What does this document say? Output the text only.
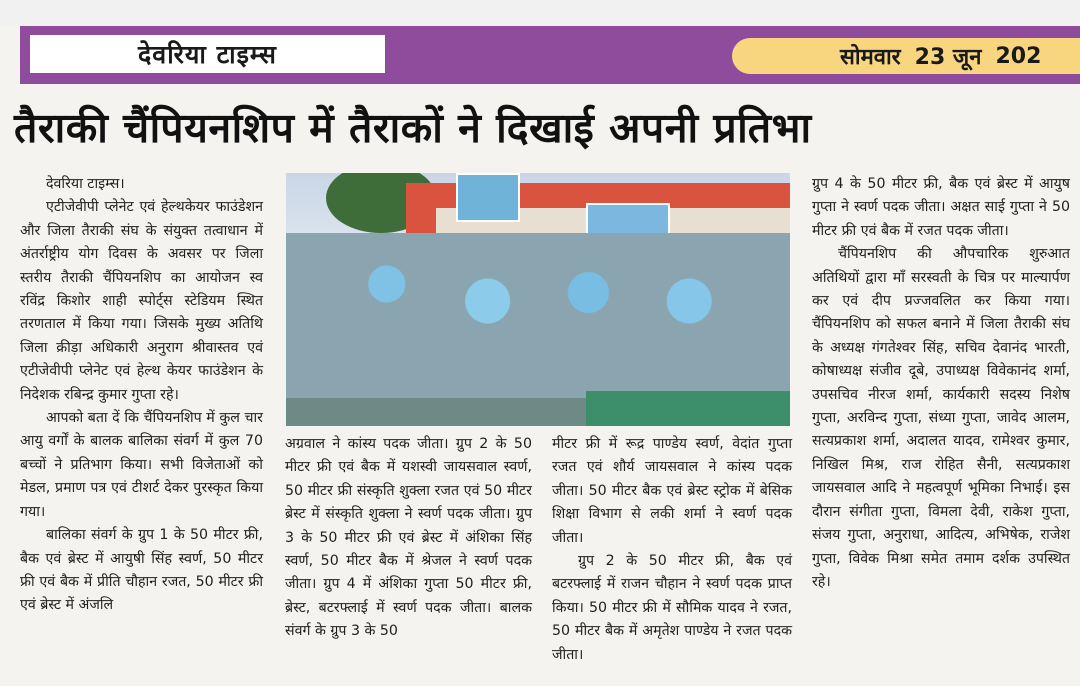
देवरिया टाइम्स	सोमवार 23 जून 202
तैराकी चैंपियनशिप में तैराकों ने दिखाई अपनी प्रतिभा

देवरिया टाइम्स।

एटीजेवीपी प्लेनेट एवं हेल्थकेयर फाउंडेशन और जिला तैराकी संघ के संयुक्त तत्वाधान में अंतर्राष्ट्रीय योग दिवस के अवसर पर जिला स्तरीय तैराकी चैंपियनशिप का आयोजन स्व रविंद्र किशोर शाही स्पोर्ट्स स्टेडियम स्थित तरणताल में किया गया। जिसके मुख्य अतिथि जिला क्रीड़ा अधिकारी अनुराग श्रीवास्तव एवं एटीजेवीपी प्लेनेट एवं हेल्थ केयर फाउंडेशन के निदेशक रबिन्द्र कुमार गुप्ता रहे।

आपको बता दें कि चैंपियनशिप में कुल चार आयु वर्गों के बालक बालिका संवर्ग में कुल 70 बच्चों ने प्रतिभाग किया। सभी विजेताओं को मेडल, प्रमाण पत्र एवं टीशर्ट देकर पुरस्कृत किया गया।

बालिका संवर्ग के ग्रुप 1 के 50 मीटर फ्री, बैक एवं ब्रेस्ट में आयुषी सिंह स्वर्ण, 50 मीटर फ्री एवं बैक में प्रीति चौहान रजत, 50 मीटर फ्री एवं ब्रेस्ट में अंजलि

अग्रवाल ने कांस्य पदक जीता। ग्रुप 2 के 50 मीटर फ्री एवं बैक में यशस्वी जायसवाल स्वर्ण, 50 मीटर फ्री संस्कृति शुक्ला रजत एवं 50 मीटर ब्रेस्ट में संस्कृति शुक्ला ने स्वर्ण पदक जीता। ग्रुप 3 के 50 मीटर फ्री एवं ब्रेस्ट में अंशिका सिंह स्वर्ण, 50 मीटर बैक में श्रेजल ने स्वर्ण पदक जीता। ग्रुप 4 में अंशिका गुप्ता 50 मीटर फ्री, ब्रेस्ट, बटरफ्लाई में स्वर्ण पदक जीता। बालक संवर्ग के ग्रुप 3 के 50

मीटर फ्री में रूद्र पाण्डेय स्वर्ण, वेदांत गुप्ता रजत एवं शौर्य जायसवाल ने कांस्य पदक जीता। 50 मीटर बैक एवं ब्रेस्ट स्ट्रोक में बेसिक शिक्षा विभाग से लकी शर्मा ने स्वर्ण पदक जीता।

ग्रुप 2 के 50 मीटर फ्री, बैक एवं बटरफ्लाई में राजन चौहान ने स्वर्ण पदक प्राप्त किया। 50 मीटर फ्री में सौमिक यादव ने रजत, 50 मीटर बैक में अमृतेश पाण्डेय ने रजत पदक जीता।

ग्रुप 4 के 50 मीटर फ्री, बैक एवं ब्रेस्ट में आयुष गुप्ता ने स्वर्ण पदक जीता। अक्षत साई गुप्ता ने 50 मीटर फ्री एवं बैक में रजत पदक जीता।

चैंपियनशिप की औपचारिक शुरुआत अतिथियों द्वारा माँ सरस्वती के चित्र पर माल्यार्पण कर एवं दीप प्रज्जवलित कर किया गया। चैंपियनशिप को सफल बनाने में जिला तैराकी संघ के अध्यक्ष गंगतेश्वर सिंह, सचिव देवानंद भारती, कोषाध्यक्ष संजीव दूबे, उपाध्यक्ष विवेकानंद शर्मा, उपसचिव नीरज शर्मा, कार्यकारी सदस्य निशेष गुप्ता, अरविन्द गुप्ता, संध्या गुप्ता, जावेद आलम, सत्यप्रकाश शर्मा, अदालत यादव, रामेश्वर कुमार, निखिल मिश्र, राज रोहित सैनी, सत्यप्रकाश जायसवाल आदि ने महत्वपूर्ण भूमिका निभाई। इस दौरान संगीता गुप्ता, विमला देवी, राकेश गुप्ता, संजय गुप्ता, अनुराधा, आदित्य, अभिषेक, राजेश गुप्ता, विवेक मिश्रा समेत तमाम दर्शक उपस्थित रहे।
